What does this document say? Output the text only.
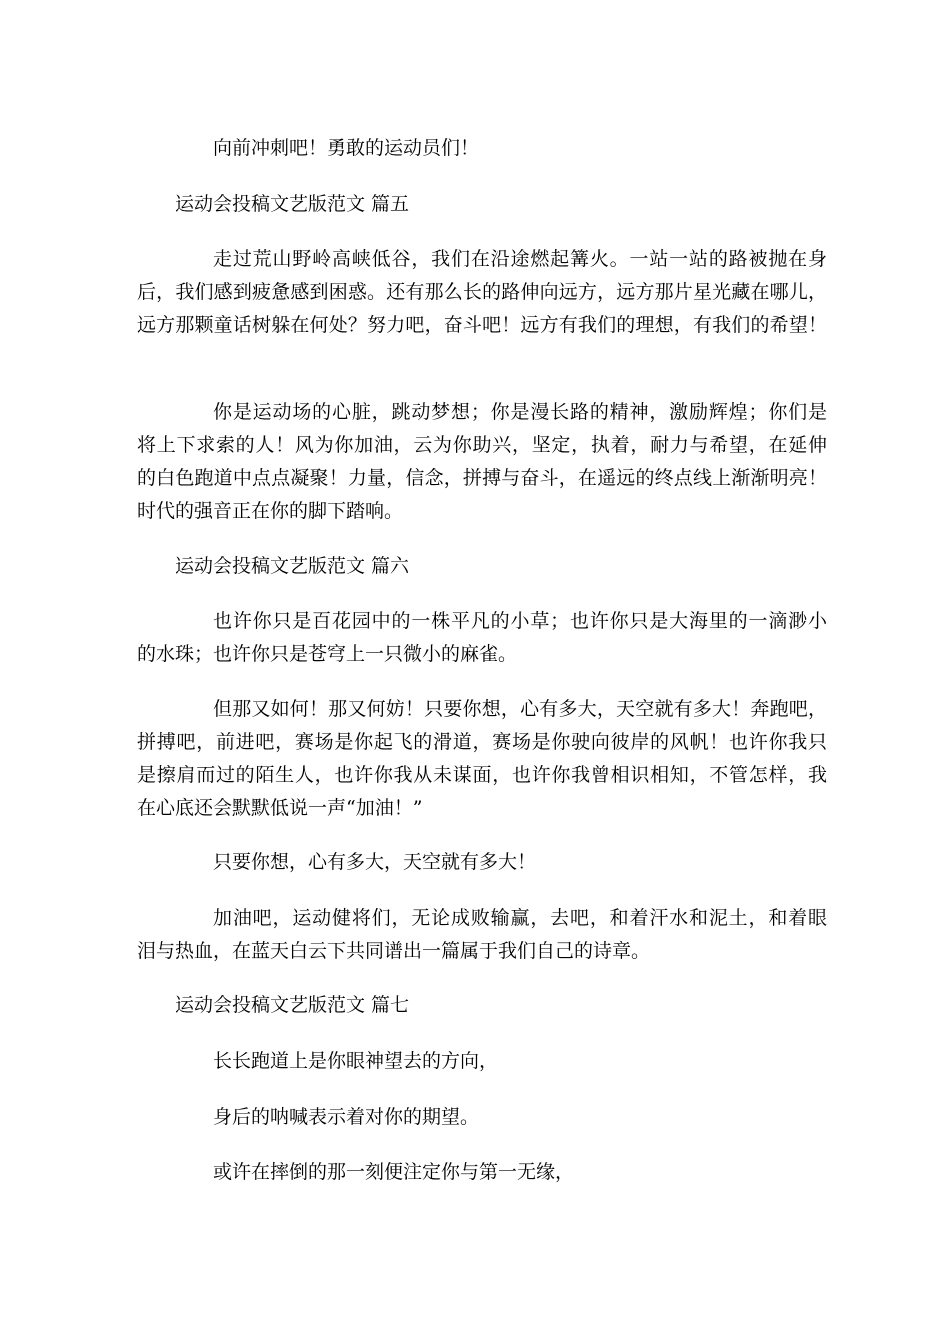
向前冲刺吧！勇敢的运动员们！
运动会投稿文艺版范文 篇五
走过荒山野岭高峡低谷，我们在沿途燃起篝火。一站一站的路被抛在身
后，我们感到疲惫感到困惑。还有那么长的路伸向远方，远方那片星光藏在哪儿，
远方那颗童话树躲在何处？努力吧，奋斗吧！远方有我们的理想，有我们的希望！
你是运动场的心脏，跳动梦想；你是漫长路的精神，激励辉煌；你们是
将上下求索的人！风为你加油，云为你助兴，坚定，执着，耐力与希望，在延伸
的白色跑道中点点凝聚！力量，信念，拼搏与奋斗，在遥远的终点线上渐渐明亮！
时代的强音正在你的脚下踏响。
运动会投稿文艺版范文 篇六
也许你只是百花园中的一株平凡的小草；也许你只是大海里的一滴渺小
的水珠；也许你只是苍穹上一只微小的麻雀。
但那又如何！那又何妨！只要你想，心有多大，天空就有多大！奔跑吧，
拼搏吧，前进吧，赛场是你起飞的滑道，赛场是你驶向彼岸的风帆！也许你我只
是擦肩而过的陌生人，也许你我从未谋面，也许你我曾相识相知，不管怎样，我
在心底还会默默低说一声“加油！”
只要你想，心有多大，天空就有多大！
加油吧，运动健将们，无论成败输赢，去吧，和着汗水和泥土，和着眼
泪与热血，在蓝天白云下共同谱出一篇属于我们自己的诗章。
运动会投稿文艺版范文 篇七
长长跑道上是你眼神望去的方向，
身后的呐喊表示着对你的期望。
或许在摔倒的那一刻便注定你与第一无缘，
